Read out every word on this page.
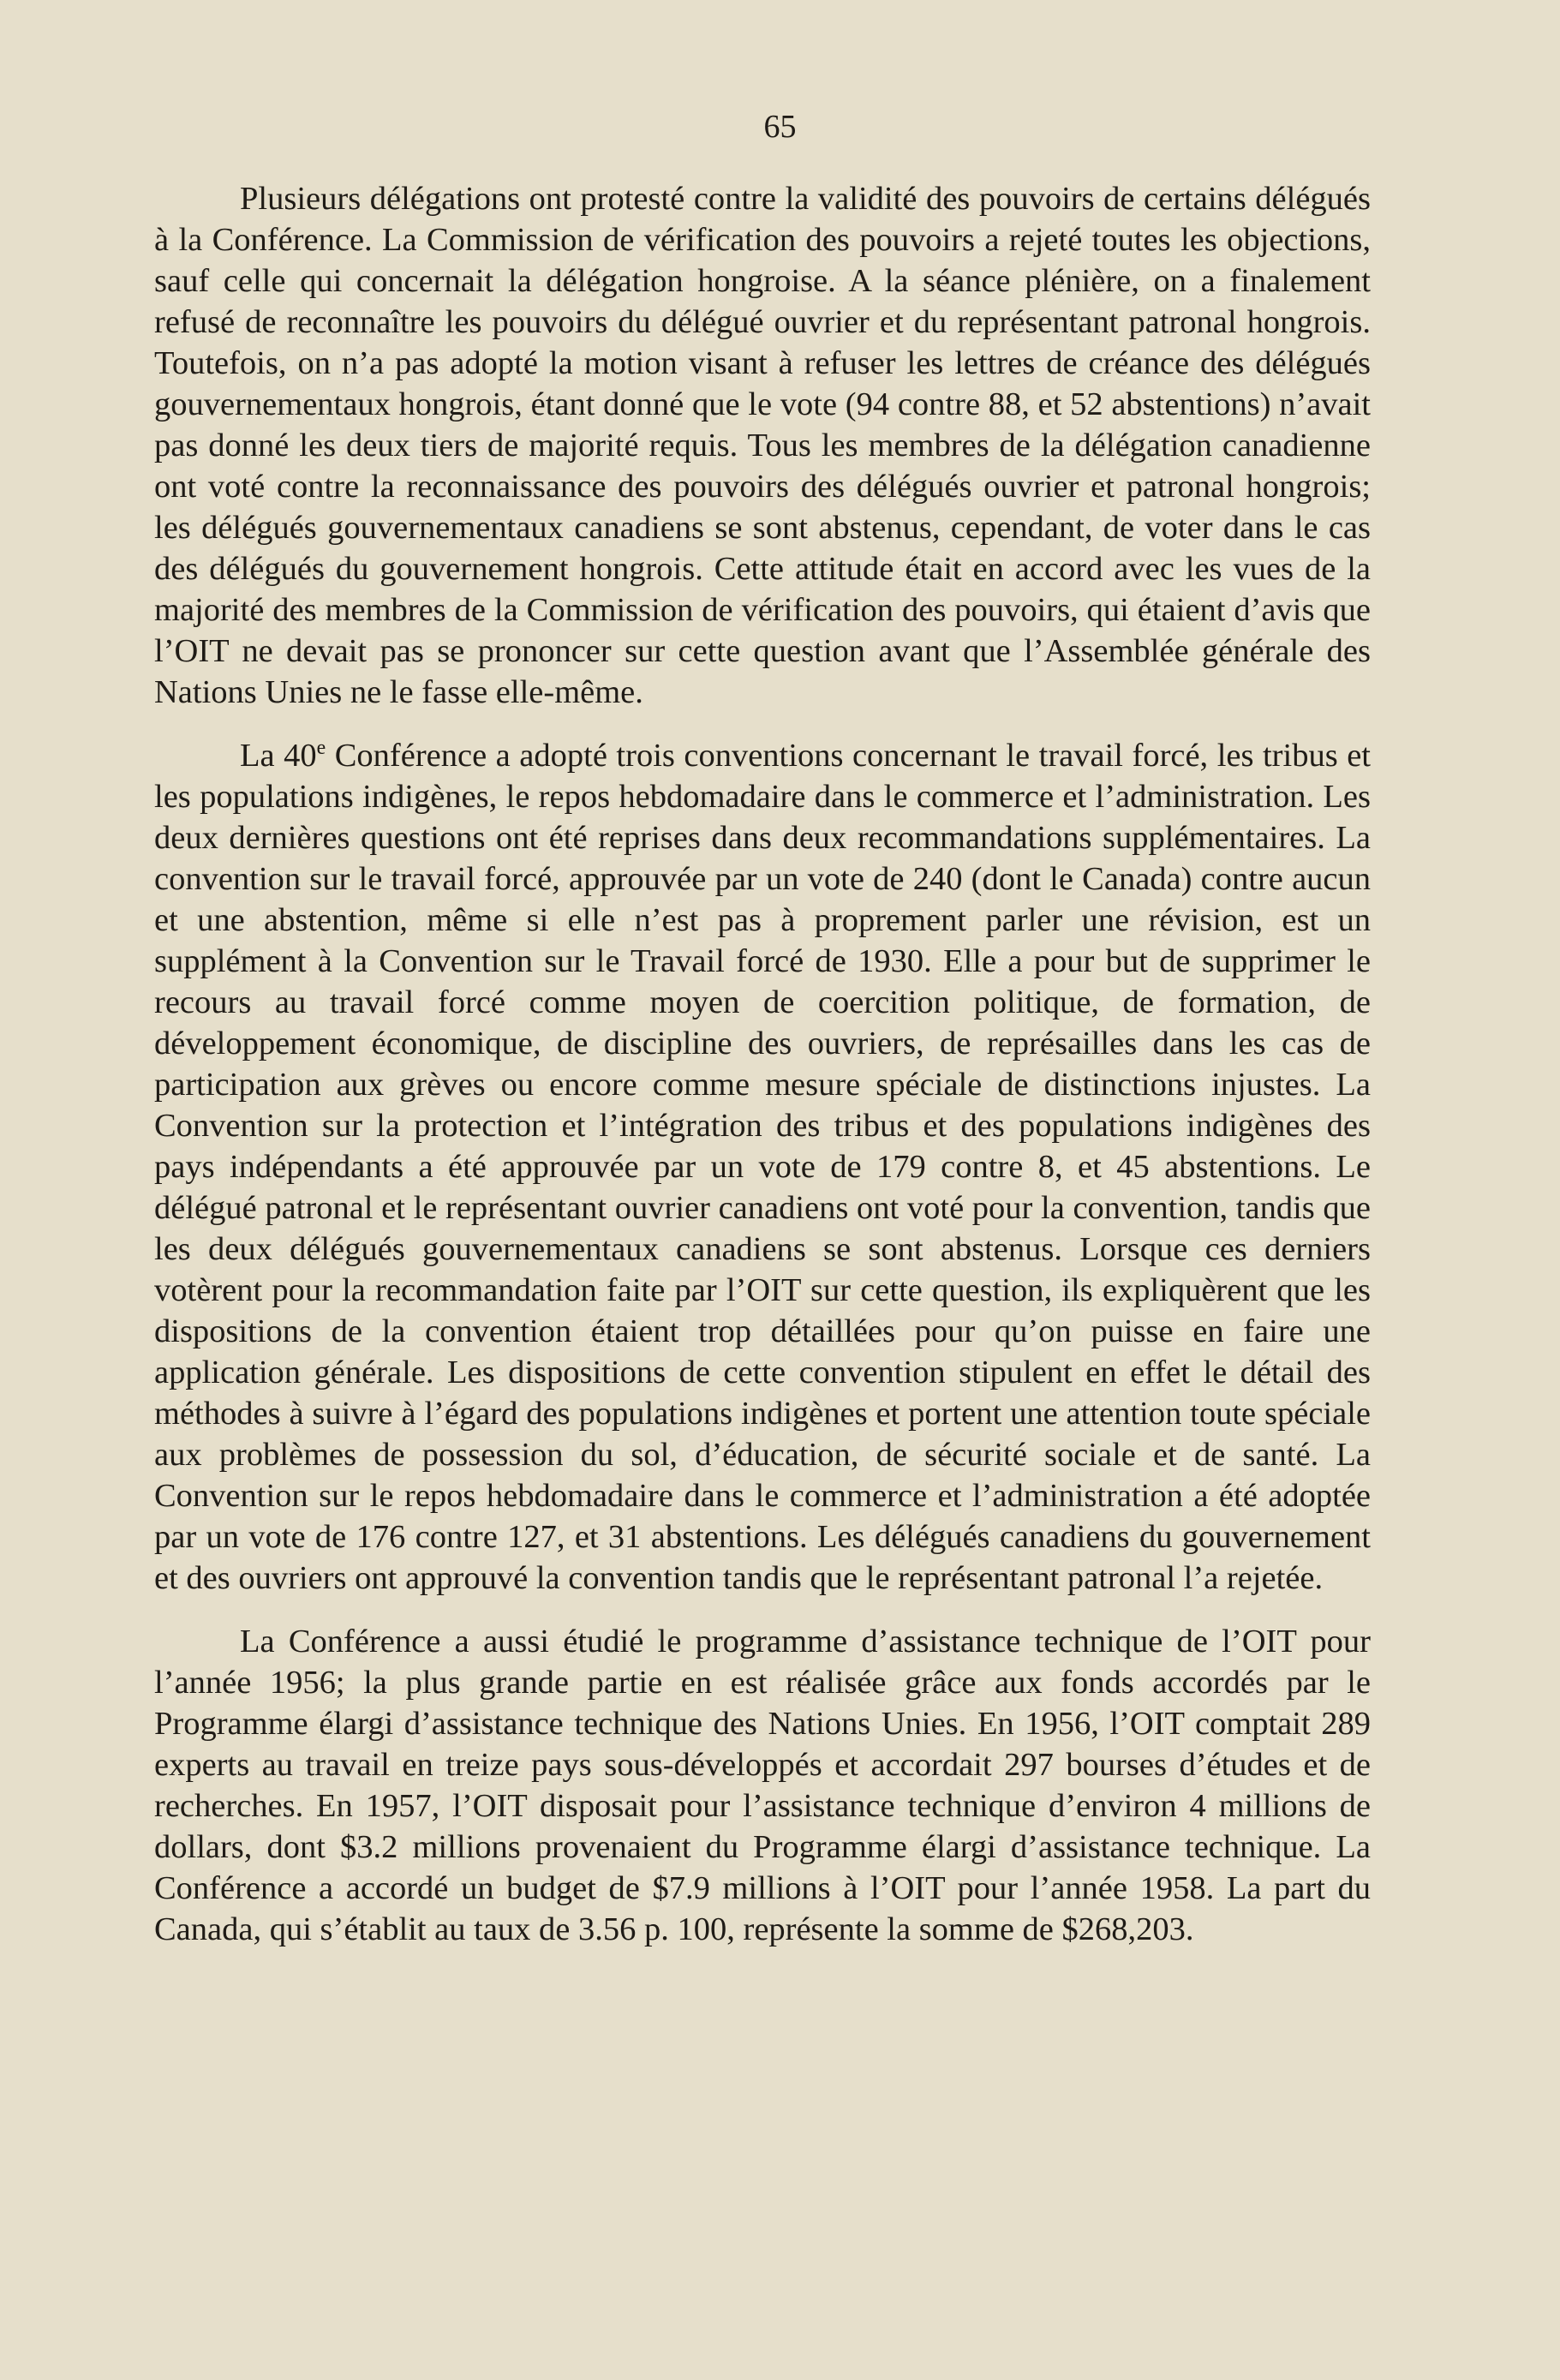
65

Plusieurs délégations ont protesté contre la validité des pouvoirs de certains délégués à la Conférence. La Commission de vérification des pouvoirs a rejeté toutes les objections, sauf celle qui concernait la délégation hongroise. A la séance plénière, on a finalement refusé de reconnaître les pouvoirs du délégué ouvrier et du représentant patronal hongrois. Toutefois, on n’a pas adopté la motion visant à refuser les lettres de créance des délégués gouvernementaux hongrois, étant donné que le vote (94 contre 88, et 52 abstentions) n’avait pas donné les deux tiers de majorité requis. Tous les membres de la délégation canadienne ont voté contre la reconnaissance des pouvoirs des délégués ouvrier et patronal hongrois; les délégués gouvernementaux canadiens se sont abstenus, cependant, de voter dans le cas des délégués du gouvernement hongrois. Cette attitude était en accord avec les vues de la majorité des membres de la Commission de vérification des pouvoirs, qui étaient d’avis que l’OIT ne devait pas se prononcer sur cette question avant que l’Assemblée générale des Nations Unies ne le fasse elle-même.

La 40e Conférence a adopté trois conventions concernant le travail forcé, les tribus et les populations indigènes, le repos hebdomadaire dans le commerce et l’administration. Les deux dernières questions ont été reprises dans deux recommandations supplémentaires. La convention sur le travail forcé, approuvée par un vote de 240 (dont le Canada) contre aucun et une abstention, même si elle n’est pas à proprement parler une révision, est un supplément à la Convention sur le Travail forcé de 1930. Elle a pour but de supprimer le recours au travail forcé comme moyen de coercition politique, de formation, de développement économique, de discipline des ouvriers, de représailles dans les cas de participation aux grèves ou encore comme mesure spéciale de distinctions injustes. La Convention sur la protection et l’intégration des tribus et des populations indigènes des pays indépendants a été approuvée par un vote de 179 contre 8, et 45 abstentions. Le délégué patronal et le représentant ouvrier canadiens ont voté pour la convention, tandis que les deux délégués gouvernementaux canadiens se sont abstenus. Lorsque ces derniers votèrent pour la recommandation faite par l’OIT sur cette question, ils expliquèrent que les dispositions de la convention étaient trop détaillées pour qu’on puisse en faire une application générale. Les dispositions de cette convention stipulent en effet le détail des méthodes à suivre à l’égard des populations indigènes et portent une attention toute spéciale aux problèmes de possession du sol, d’éducation, de sécurité sociale et de santé. La Convention sur le repos hebdomadaire dans le commerce et l’administration a été adoptée par un vote de 176 contre 127, et 31 abstentions. Les délégués canadiens du gouvernement et des ouvriers ont approuvé la convention tandis que le représentant patronal l’a rejetée.

La Conférence a aussi étudié le programme d’assistance technique de l’OIT pour l’année 1956; la plus grande partie en est réalisée grâce aux fonds accordés par le Programme élargi d’assistance technique des Nations Unies. En 1956, l’OIT comptait 289 experts au travail en treize pays sous-développés et accordait 297 bourses d’études et de recherches. En 1957, l’OIT disposait pour l’assistance technique d’environ 4 millions de dollars, dont $3.2 millions provenaient du Programme élargi d’assistance technique. La Conférence a accordé un budget de $7.9 millions à l’OIT pour l’année 1958. La part du Canada, qui s’établit au taux de 3.56 p. 100, représente la somme de $268,203.
